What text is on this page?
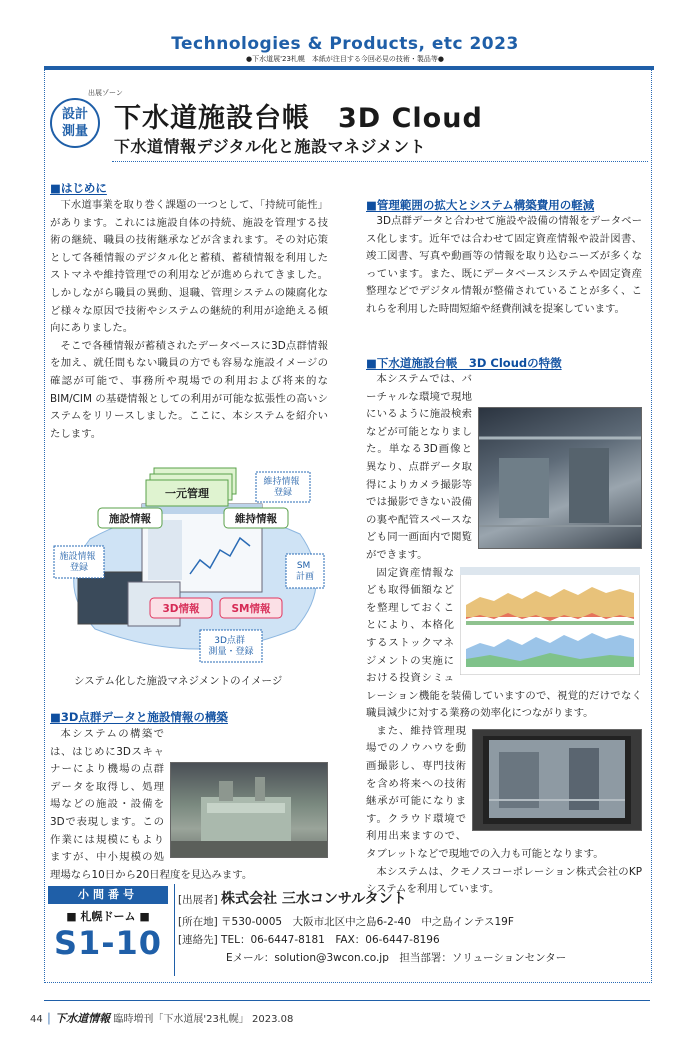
Technologies & Products, etc 2023
●下水道展'23札幌　本紙が注目する今回必見の技術・製品等●
出展ゾーン
設計
測量 下水道施設台帳　3D Cloud
下水道情報デジタル化と施設マネジメント
■はじめに

下水道事業を取り巻く課題の一つとして、「持続可能性」があります。これには施設自体の持続、施設を管理する技術の継続、職員の技術継承などが含まれます。その対応策として各種情報のデジタル化と蓄積、蓄積情報を利用したストマネや維持管理での利用などが進められてきました。しかしながら職員の異動、退職、管理システムの陳腐化など様々な原因で技術やシステムの継続的利用が途絶える傾向にありました。

そこで各種情報が蓄積されたデータベースに3D点群情報を加え、就任間もない職員の方でも容易な施設イメージの確認が可能で、事務所や現場での利用および将来的な BIM/CIM の基礎情報としての利用が可能な拡張性の高いシステムをリリースしました。ここに、本システムを紹介いたします。

一元管理
施設情報	維持情報
維持情報 登録
施設情報 登録	SM 計画
3D情報	SM情報
3D点群 測量・登録
システム化した施設マネジメントのイメージ
■3D点群データと施設情報の構築

本システムの構築では、はじめに3Dスキャナーにより機場の点群データを取得し、処理場などの施設・設備を3Dで表現します。この作業には規模にもよりますが、中小規模の処理場なら10日から20日程度を見込みます。

■管理範囲の拡大とシステム構築費用の軽減

3D点群データと合わせて施設や設備の情報をデータベース化します。近年では合わせて固定資産情報や設計図書、竣工図書、写真や動画等の情報を取り込むニーズが多くなっています。また、既にデータベースシステムや固定資産整理などでデジタル情報が整備されていることが多く、これらを利用した時間短縮や経費削減を提案しています。

■下水道施設台帳　3D Cloudの特徴

本システムでは、バーチャルな環境で現地にいるように施設検索などが可能となりました。単なる3D画像と異なり、点群データ取得によりカメラ撮影等では撮影できない設備の裏や配管スペースなども同一画面内で閲覧ができます。

固定資産情報なども取得価額などを整理しておくことにより、本格化するストックマネジメントの実施における投資シミュレーション機能を装備していますので、視覚的だけでなく職員減少に対する業務の効率化につながります。

また、維持管理現場でのノウハウを動画撮影し、専門技術を含め将来への技術継承が可能になります。クラウド環境で利用出来ますので、タブレットなどで現地での入力も可能となります。

本システムは、クモノスコーポレーション株式会社のKPシステムを利用しています。

小間番号
■ 札幌ドーム ■
S1-10
[出展者] 株式会社 三水コンサルタント
[所在地] 〒530-0005　大阪市北区中之島6-2-40　中之島インテス19F
[連絡先] TEL：06-6447-8181　FAX：06-6447-8196
Eメール：solution@3wcon.co.jp　担当部署：ソリューションセンター
44 │ 下水道情報 臨時増刊「下水道展'23札幌」 2023.08
